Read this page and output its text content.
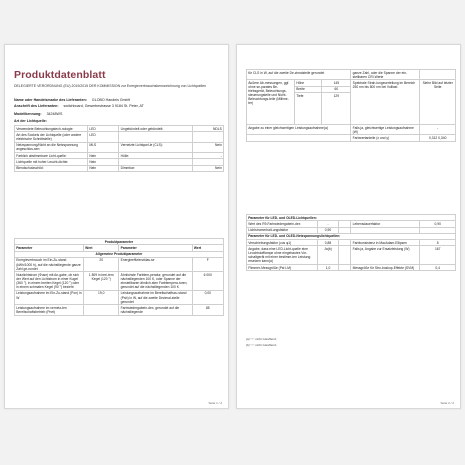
Produktdatenblatt
DELEGIERTE VERORDNUNG (EU) 2019/2015 DER KOMMISSION zur Energieverbrauchskennzeichnung von Lichtquellen
Name oder Handelsmarke des Lieferanten: GLOBO Handels GmbH
Anschrift des Lieferanten: switchboard, Gewerbestrasse 3 9184 St. Peter, AT
Modellkennung: 34248WS
Art der Lichtquelle:
Verwendete Beleuchtungstech-nologie:	LED	Ungebündelt oder gebündelt:	NDLS
Art des Sockels der Lichtquelle (oder andere elektrische Schnittstelle)	LED		
Netzspannung/Nicht an die Netzspannung angeschlos-sen:	MLS	Vernetzte Lichtquel-le (CLS):	Nein
Farblich abstimmbare Licht-quelle:	Nein	Hülle:	-
Lichtquelle mit hoher Leucht-dichte:	Nein		
Blendschutzschild:	Nein	Dimmbar:	Nein
Produktparameter			
Parameter	Wert	Parameter	Wert
Allgemeine Produktparameter			
Energieverbrauch im Ein-Zu-stand (kWh/1000 h), auf die nächstliegende ganze Zahl ge-rundet	20	Energieeffizienzklas-se	F
Nutzlichtstrom (Φuse) mit An-gabe, ob sich der Wert auf den Lichtstrom in einer Kugel (360 °), in einem breiten Kegel (120 °) oder in einem schmalen Kegel (90 °) bezieht	1 809 in brei-tem Kegel (120 °)	Ähnlichste Farbtem-peratur, gerundet auf die nächstliegenden 100 K, oder Spanne der einstellbaren ähnlich-sten Farbtempera-turen, gerundet auf die nächstliegenden 100 K	6 000
Leistungsaufnahme im Ein-Zu-stand (Pon) in W	19,0	Leistungsaufnahme im Bereitschaftszu-stand (Psb) in W, auf die zweite Dezimal-stelle gerundet	0,00
Leistungsaufnahme im vernetz-ten Bereitschaftsbetrieb (Pnet)		Farbwiedergabein-dex, gerundet auf die nächstliegende	85
Seite 1 / 2
für CLS in W, auf die zweite De-zimalstelle gerundet			ganze Zahl, oder die Spanne der ein-stellbaren CRI-Werte	
Äußere Ab-messungen, ggf. ohne se-parates Be-triebsgerät, Beleuchtungs-steuerungsteile und Nicht-Beleuchtungs-teile (Millime-ter)	Höhe	145	Spektrale Strah-lungsverteilung im Bereich 250 nm bis 800 nm bei Volllast	Siehe Bild auf letzter Seite
	Breite	60		
	Tiefe	129		
Angabe zu einer gleichwertigen Leistungsaufnahme(a)			Falls ja, gleichwertige Leistungsaufnahme (W)	-
			Farbwertanteile (x und y)	0,312 0,340
Parameter für LED- und OLED-Lichtquellen:				
Wert des R9-Farbwiedergabein-dex	-		Lebensdauerfaktor	0,90
Lichtstromerhalt-ungsfaktor	0,90			
Parameter für LED- und OLED-Netzspannungslichtquellen:				
Verschiebungsfaktor (cos φ1)	0,88		Farbkonsistenz in MacAdam-Ellipsen	5
Angabe, dass eine LED-Licht-quelle eine Leuchtstofflampe ohne eingebautes Vor-schaltgerät mit einer bestimm-ten Leistung ersetzen kann(a)	Ja(b)		Falls ja, Angabe zur Ersatzleistung (W)	167
Flimmer-Messgröße (Pst LM)	1,0		Messgröße für Stro-boskop-Effekte (SVM)	0,4
(a) "-": nicht zutreffend;
(b) "-": nicht zutreffend;
Seite 2 / 2
